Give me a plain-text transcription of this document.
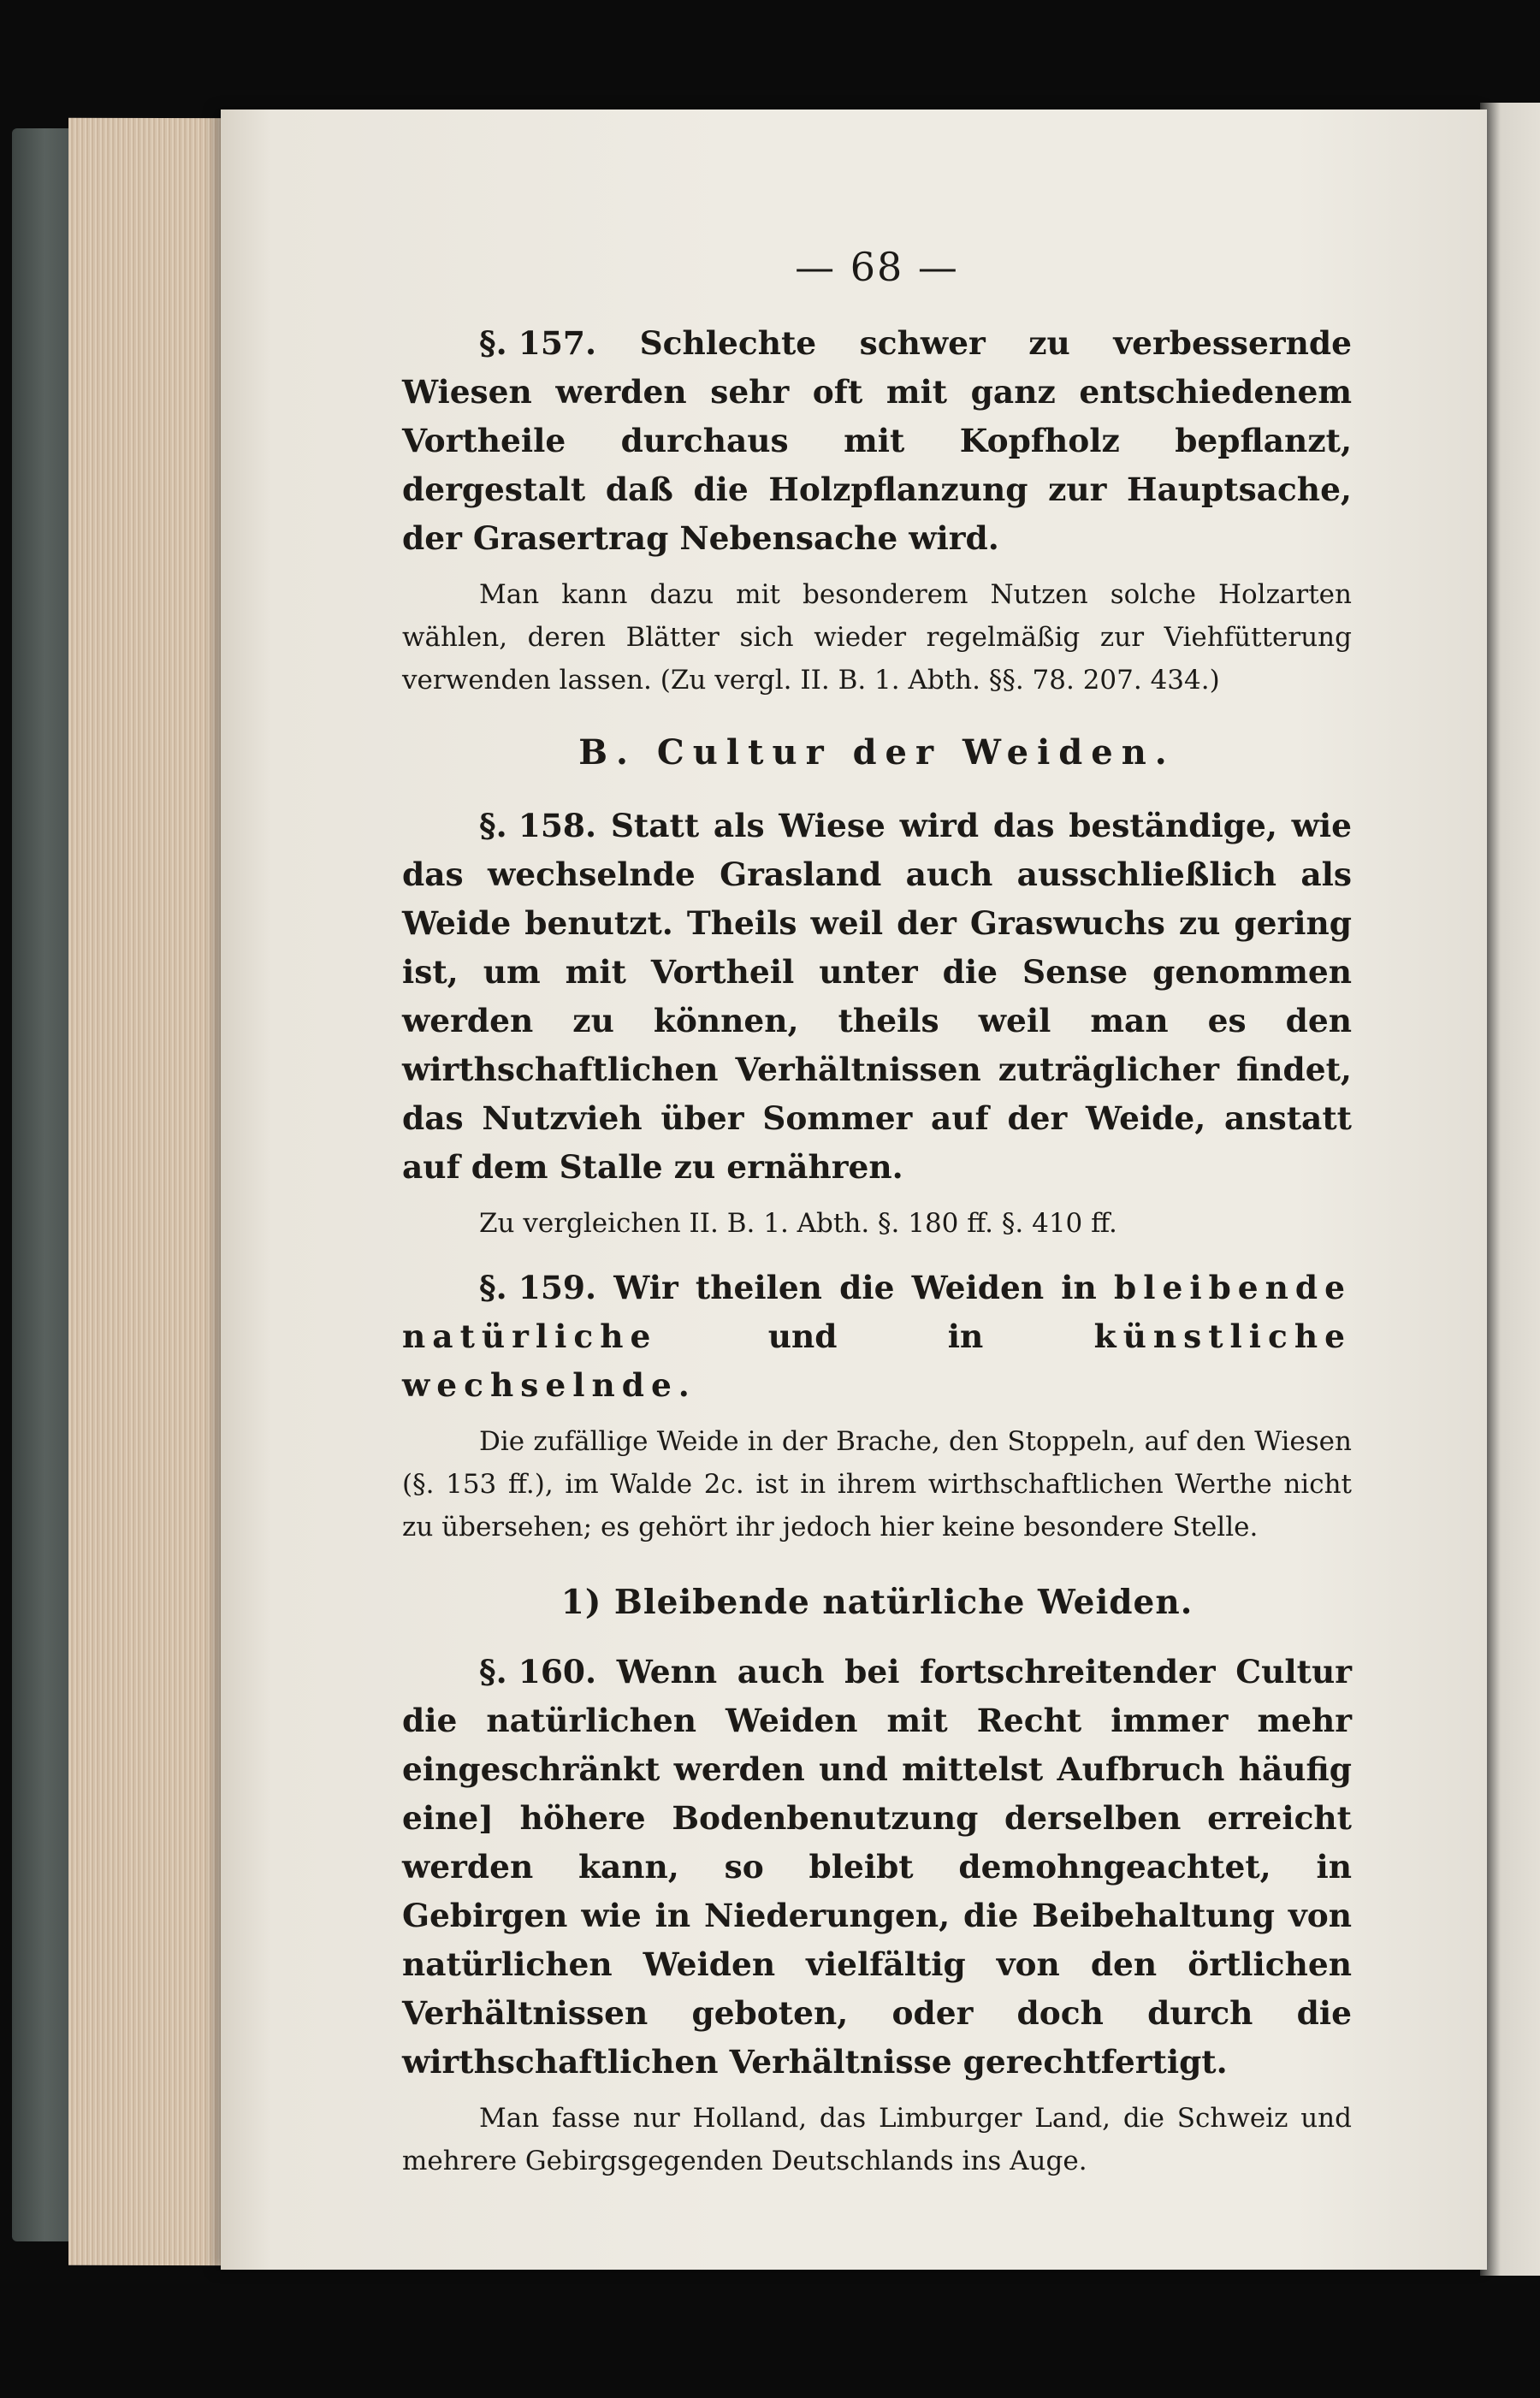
— 68 —

§. 157. Schlechte schwer zu verbessernde Wiesen werden sehr oft mit ganz entschiedenem Vortheile durchaus mit Kopfholz bepflanzt, dergestalt daß die Holzpflanzung zur Hauptsache, der Grasertrag Nebensache wird.

Man kann dazu mit besonderem Nutzen solche Holzarten wählen, deren Blätter sich wieder regelmäßig zur Viehfütterung verwenden lassen. (Zu vergl. II. B. 1. Abth. §§. 78. 207. 434.)

B. Cultur der Weiden.

§. 158. Statt als Wiese wird das beständige, wie das wechselnde Grasland auch ausschließlich als Weide benutzt. Theils weil der Graswuchs zu gering ist, um mit Vortheil unter die Sense genommen werden zu können, theils weil man es den wirthschaftlichen Verhältnissen zuträglicher findet, das Nutzvieh über Sommer auf der Weide, anstatt auf dem Stalle zu ernähren.

Zu vergleichen II. B. 1. Abth. §. 180 ff. §. 410 ff.

§. 159. Wir theilen die Weiden in bleibende natürliche	und in	künstliche wechselnde.

Die zufällige Weide in der Brache, den Stoppeln, auf den Wiesen (§. 153 ff.), im Walde 2c. ist in ihrem wirthschaftlichen Werthe nicht zu übersehen; es gehört ihr jedoch hier keine besondere Stelle.

1) Bleibende natürliche Weiden.

§. 160. Wenn auch bei fortschreitender Cultur die natürlichen Weiden mit Recht immer mehr eingeschränkt werden und mittelst Aufbruch häufig eine] höhere Bodenbenutzung derselben erreicht werden kann, so bleibt demohngeachtet, in Gebirgen wie in Niederungen, die Beibehaltung von natürlichen Weiden vielfältig von den örtlichen Verhältnissen geboten, oder doch durch die wirthschaftlichen Verhältnisse gerechtfertigt.

Man fasse nur Holland, das Limburger Land, die Schweiz und mehrere Gebirgsgegenden Deutschlands ins Auge.
